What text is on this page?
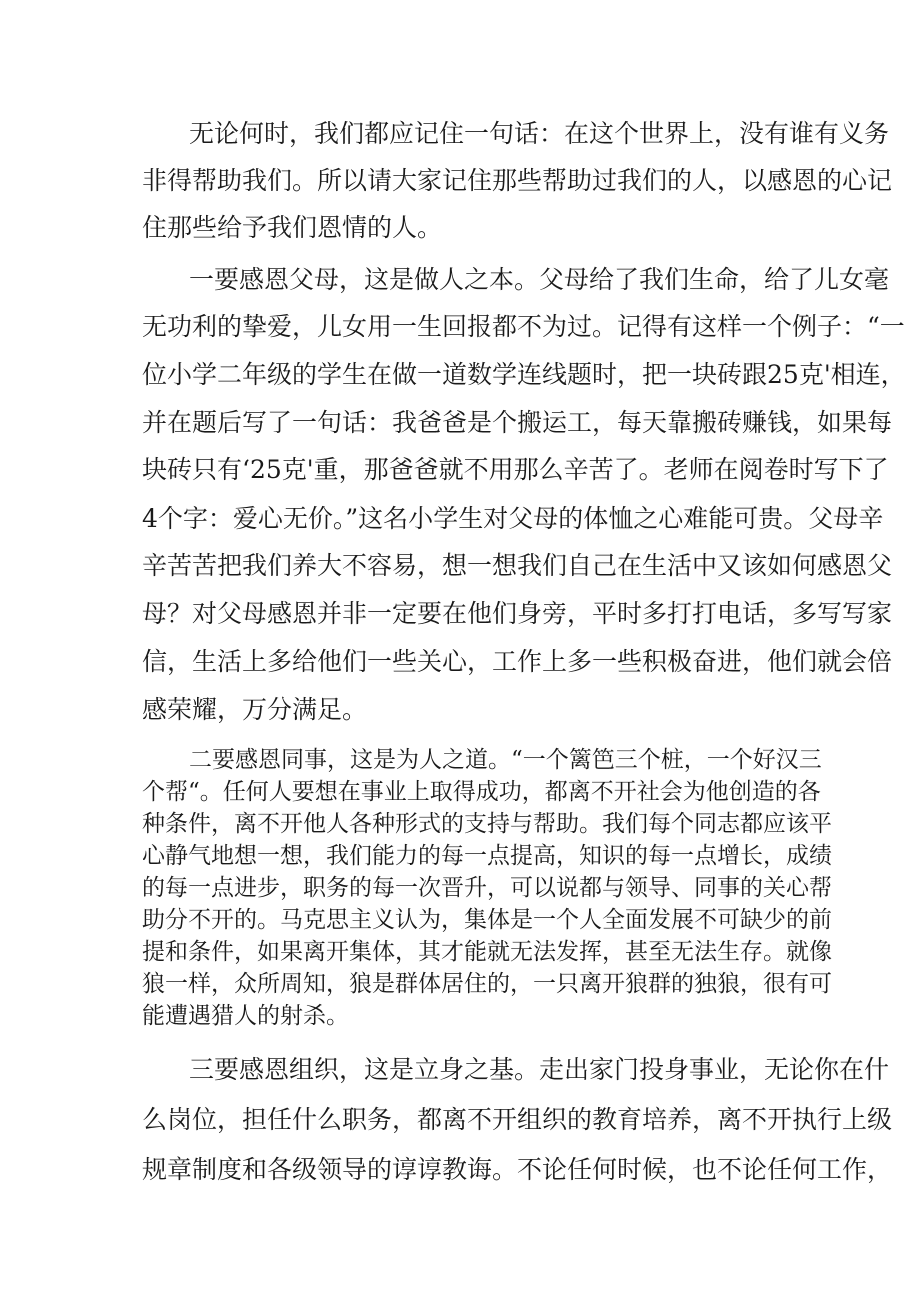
无论何时，我们都应记住一句话：在这个世界上，没有谁有义务
非得帮助我们。所以请大家记住那些帮助过我们的人，以感恩的心记
住那些给予我们恩情的人。
一要感恩父母，这是做人之本。父母给了我们生命，给了儿女毫
无功利的挚爱，儿女用一生回报都不为过。记得有这样一个例子：“一
位小学二年级的学生在做一道数学连线题时，把一块砖跟25克'相连，
并在题后写了一句话：我爸爸是个搬运工，每天靠搬砖赚钱，如果每
块砖只有‘25克'重，那爸爸就不用那么辛苦了。老师在阅卷时写下了
4个字：爱心无价。”这名小学生对父母的体恤之心难能可贵。父母辛
辛苦苦把我们养大不容易，想一想我们自己在生活中又该如何感恩父
母？对父母感恩并非一定要在他们身旁，平时多打打电话，多写写家
信，生活上多给他们一些关心，工作上多一些积极奋进，他们就会倍
感荣耀，万分满足。
二要感恩同事，这是为人之道。“一个篱笆三个桩，一个好汉三
个帮“。任何人要想在事业上取得成功，都离不开社会为他创造的各
种条件，离不开他人各种形式的支持与帮助。我们每个同志都应该平
心静气地想一想，我们能力的每一点提高，知识的每一点增长，成绩
的每一点进步，职务的每一次晋升，可以说都与领导、同事的关心帮
助分不开的。马克思主义认为，集体是一个人全面发展不可缺少的前
提和条件，如果离开集体，其才能就无法发挥，甚至无法生存。就像
狼一样，众所周知，狼是群体居住的，一只离开狼群的独狼，很有可
能遭遇猎人的射杀。
三要感恩组织，这是立身之基。走出家门投身事业，无论你在什
么岗位，担任什么职务，都离不开组织的教育培养，离不开执行上级
规章制度和各级领导的谆谆教诲。不论任何时候，也不论任何工作，
